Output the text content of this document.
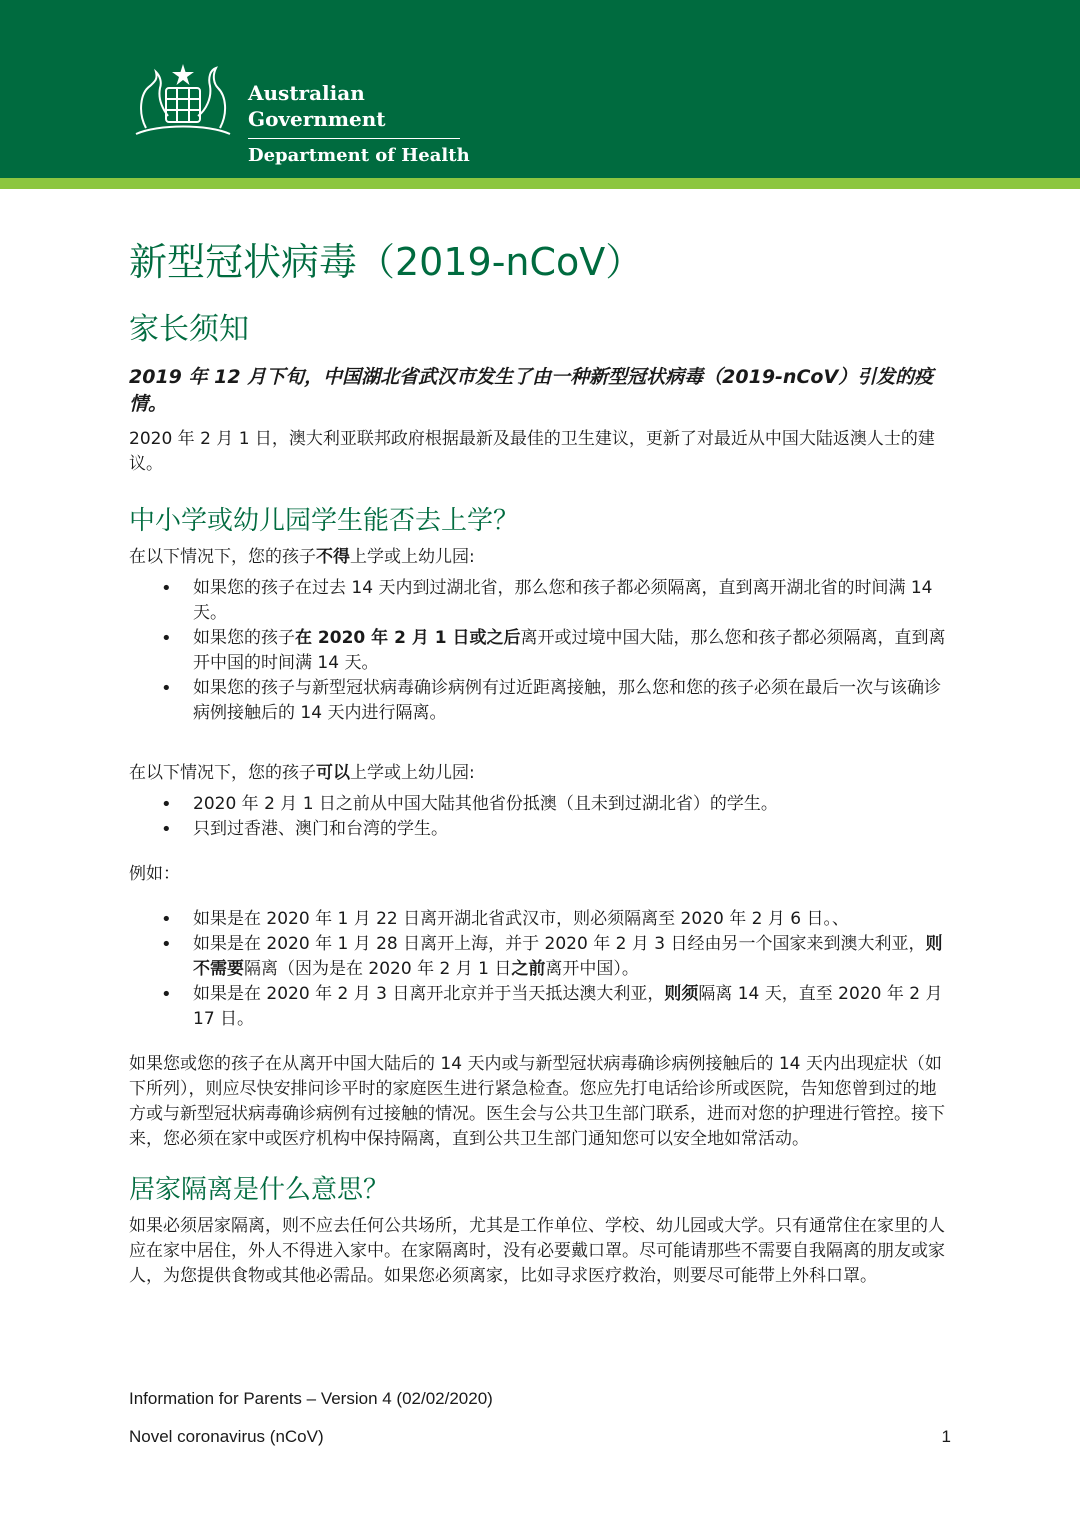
Australian Government
Department of Health
新型冠状病毒（2019-nCoV）
家长须知

2019 年 12 月下旬，中国湖北省武汉市发生了由一种新型冠状病毒（2019-nCoV）引发的疫情。

2020 年 2 月 1 日，澳大利亚联邦政府根据最新及最佳的卫生建议，更新了对最近从中国大陆返澳人士的建议。

中小学或幼儿园学生能否去上学？

在以下情况下，您的孩子不得上学或上幼儿园:

• 如果您的孩子在过去 14 天内到过湖北省，那么您和孩子都必须隔离，直到离开湖北省的时间满 14 天。
• 如果您的孩子在 2020 年 2 月 1 日或之后离开或过境中国大陆，那么您和孩子都必须隔离，直到离开中国的时间满 14 天。
• 如果您的孩子与新型冠状病毒确诊病例有过近距离接触，那么您和您的孩子必须在最后一次与该确诊病例接触后的 14 天内进行隔离。

在以下情况下，您的孩子可以上学或上幼儿园:

• 2020 年 2 月 1 日之前从中国大陆其他省份抵澳（且未到过湖北省）的学生。
• 只到过香港、澳门和台湾的学生。

例如：

• 如果是在 2020 年 1 月 22 日离开湖北省武汉市，则必须隔离至 2020 年 2 月 6 日。、
• 如果是在 2020 年 1 月 28 日离开上海，并于 2020 年 2 月 3 日经由另一个国家来到澳大利亚，则不需要隔离（因为是在 2020 年 2 月 1 日之前离开中国）。
• 如果是在 2020 年 2 月 3 日离开北京并于当天抵达澳大利亚，则须隔离 14 天，直至 2020 年 2 月 17 日。

如果您或您的孩子在从离开中国大陆后的 14 天内或与新型冠状病毒确诊病例接触后的 14 天内出现症状（如下所列），则应尽快安排问诊平时的家庭医生进行紧急检查。您应先打电话给诊所或医院，告知您曾到过的地方或与新型冠状病毒确诊病例有过接触的情况。医生会与公共卫生部门联系，进而对您的护理进行管控。接下来，您必须在家中或医疗机构中保持隔离，直到公共卫生部门通知您可以安全地如常活动。

居家隔离是什么意思？

如果必须居家隔离，则不应去任何公共场所，尤其是工作单位、学校、幼儿园或大学。只有通常住在家里的人应在家中居住，外人不得进入家中。在家隔离时，没有必要戴口罩。尽可能请那些不需要自我隔离的朋友或家人，为您提供食物或其他必需品。如果您必须离家，比如寻求医疗救治，则要尽可能带上外科口罩。

Information for Parents – Version 4 (02/02/2020)
Novel coronavirus (nCoV)	1
